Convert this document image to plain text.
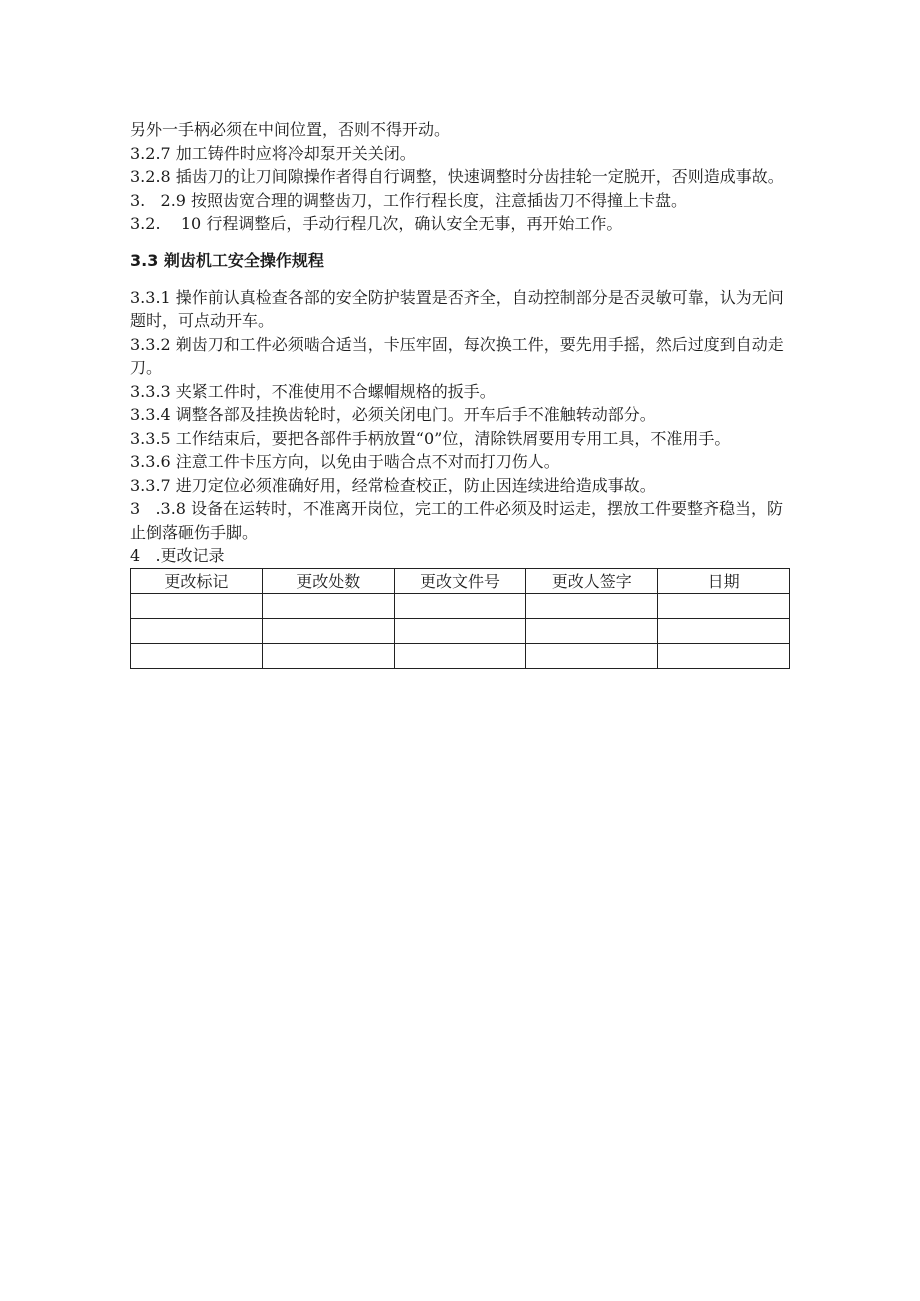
另外一手柄必须在中间位置，否则不得开动。

3.2.7 加工铸件时应将冷却泵开关关闭。

3.2.8 插齿刀的让刀间隙操作者得自行调整，快速调整时分齿挂轮一定脱开，否则造成事故。

3.   2.9 按照齿宽合理的调整齿刀，工作行程长度，注意插齿刀不得撞上卡盘。

3.2.    10 行程调整后，手动行程几次，确认安全无事，再开始工作。

3.3 剃齿机工安全操作规程

3.3.1 操作前认真检查各部的安全防护装置是否齐全，自动控制部分是否灵敏可靠，认为无问题时，可点动开车。

3.3.2 剃齿刀和工件必须啮合适当，卡压牢固，每次换工件，要先用手摇，然后过度到自动走刀。

3.3.3 夹紧工件时，不准使用不合螺帽规格的扳手。

3.3.4 调整各部及挂换齿轮时，必须关闭电门。开车后手不准触转动部分。

3.3.5 工作结束后，要把各部件手柄放置“0”位，清除铁屑要用专用工具，不准用手。

3.3.6 注意工件卡压方向，以免由于啮合点不对而打刀伤人。

3.3.7 进刀定位必须准确好用，经常检查校正，防止因连续进给造成事故。

3   .3.8 设备在运转时，不准离开岗位，完工的工件必须及时运走，摆放工件要整齐稳当，防止倒落砸伤手脚。

4   .更改记录

更改标记	更改处数	更改文件号	更改人签字	日期
